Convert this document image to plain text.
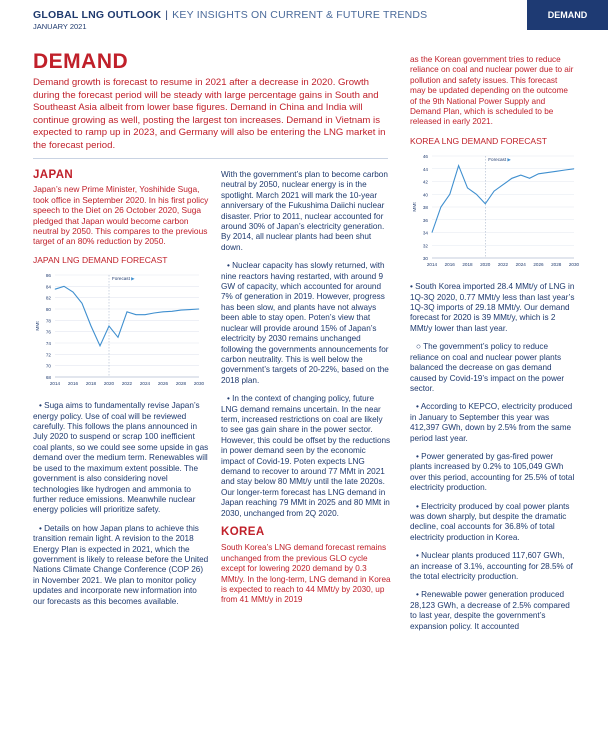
GLOBAL LNG OUTLOOK | KEY INSIGHTS ON CURRENT & FUTURE TRENDS
JANUARY 2021
DEMAND
DEMAND
Demand growth is forecast to resume in 2021 after a decrease in 2020. Growth during the forecast period will be steady with large percentage gains in South and Southeast Asia albeit from lower base figures. Demand in China and India will continue growing as well, posting the largest ton increases. Demand in Vietnam is expected to ramp up in 2023, and Germany will also be entering the LNG market in the forecast period.
JAPAN

Japan’s new Prime Minister, Yoshihide Suga, took office in September 2020. In his first policy speech to the Diet on 26 October 2020, Suga pledged that Japan would become carbon neutral by 2050. This compares to the previous target of an 80% reduction by 2050.

JAPAN LNG DEMAND FORECAST
68
70
72
74
76
78
80
82
84
86
2014 2016 2018 2020 2022 2024 2026 2028 2030
MMt
Forecast ▶

• Suga aims to fundamentally revise Japan’s energy policy. Use of coal will be reviewed carefully. This follows the plans announced in July 2020 to suspend or scrap 100 inefficient coal plants, so we could see some upside in gas demand over the medium term. Renewables will be used to the maximum extent possible. The government is also considering novel technologies like hydrogen and ammonia to further reduce emissions. Meanwhile nuclear energy policies will prioritize safety.

• Details on how Japan plans to achieve this transition remain light. A revision to the 2018 Energy Plan is expected in 2021, which the government is likely to release before the United Nations Climate Change Conference (COP 26) in November 2021. We plan to monitor policy updates and incorporate new information into our forecasts as this becomes available.

With the government’s plan to become carbon neutral by 2050, nuclear energy is in the spotlight. March 2021 will mark the 10-year anniversary of the Fukushima Daiichi nuclear disaster. Prior to 2011, nuclear accounted for around 30% of Japan’s electricity generation. By 2014, all nuclear plants had been shut down.

• Nuclear capacity has slowly returned, with nine reactors having restarted, with around 9 GW of capacity, which accounted for around 7% of generation in 2019. However, progress has been slow, and plants have not always been able to stay open. Poten’s view that nuclear will provide around 15% of Japan’s electricity by 2030 remains unchanged following the governments announcements for carbon neutrality. This is well below the government’s targets of 20-22%, based on the 2018 plan.

• In the context of changing policy, future LNG demand remains uncertain. In the near term, increased restrictions on coal are likely to see gas gain share in the power sector. However, this could be offset by the reductions in power demand seen by the economic impact of Covid-19. Poten expects LNG demand to recover to around 77 MMt in 2021 and stay below 80 MMt/y until the late 2020s. Our longer-term forecast has LNG demand in Japan reaching 79 MMt in 2025 and 80 MMt in 2030, unchanged from 2Q 2020.

KOREA

South Korea’s LNG demand forecast remains unchanged from the previous GLO cycle except for lowering 2020 demand by 0.3 MMt/y. In the long-term, LNG demand in Korea is expected to reach to 44 MMt/y by 2030, up from 41 MMt/y in 2019

as the Korean government tries to reduce reliance on coal and nuclear power due to air pollution and safety issues. This forecast may be updated depending on the outcome of the 9th National Power Supply and Demand Plan, which is scheduled to be released in early 2021.

KOREA LNG DEMAND FORECAST
30
32
34
36
38
40
42
44
46
2014 2016 2018 2020 2022 2024 2026 2028 2030
MMt
Forecast ▶

• South Korea imported 28.4 MMt/y of LNG in 1Q-3Q 2020, 0.77 MMt/y less than last year’s 1Q-3Q imports of 29.18 MMt/y. Our demand forecast for 2020 is 39 MMt/y, which is 2 MMt/y lower than last year.

○ The government’s policy to reduce reliance on coal and nuclear power plants balanced the decrease on gas demand caused by Covid-19’s impact on the power sector.

• According to KEPCO, electricity produced in January to September this year was 412,397 GWh, down by 2.5% from the same period last year.

• Power generated by gas-fired power plants increased by 0.2% to 105,049 GWh over this period, accounting for 25.5% of total electricity production.

• Electricity produced by coal power plants was down sharply, but despite the dramatic decline, coal accounts for 36.8% of total electricity production in Korea.

• Nuclear plants produced 117,607 GWh, an increase of 3.1%, accounting for 28.5% of the total electricity production.

• Renewable power generation produced 28,123 GWh, a decrease of 2.5% compared to last year, despite the government’s expansion policy. It accounted
